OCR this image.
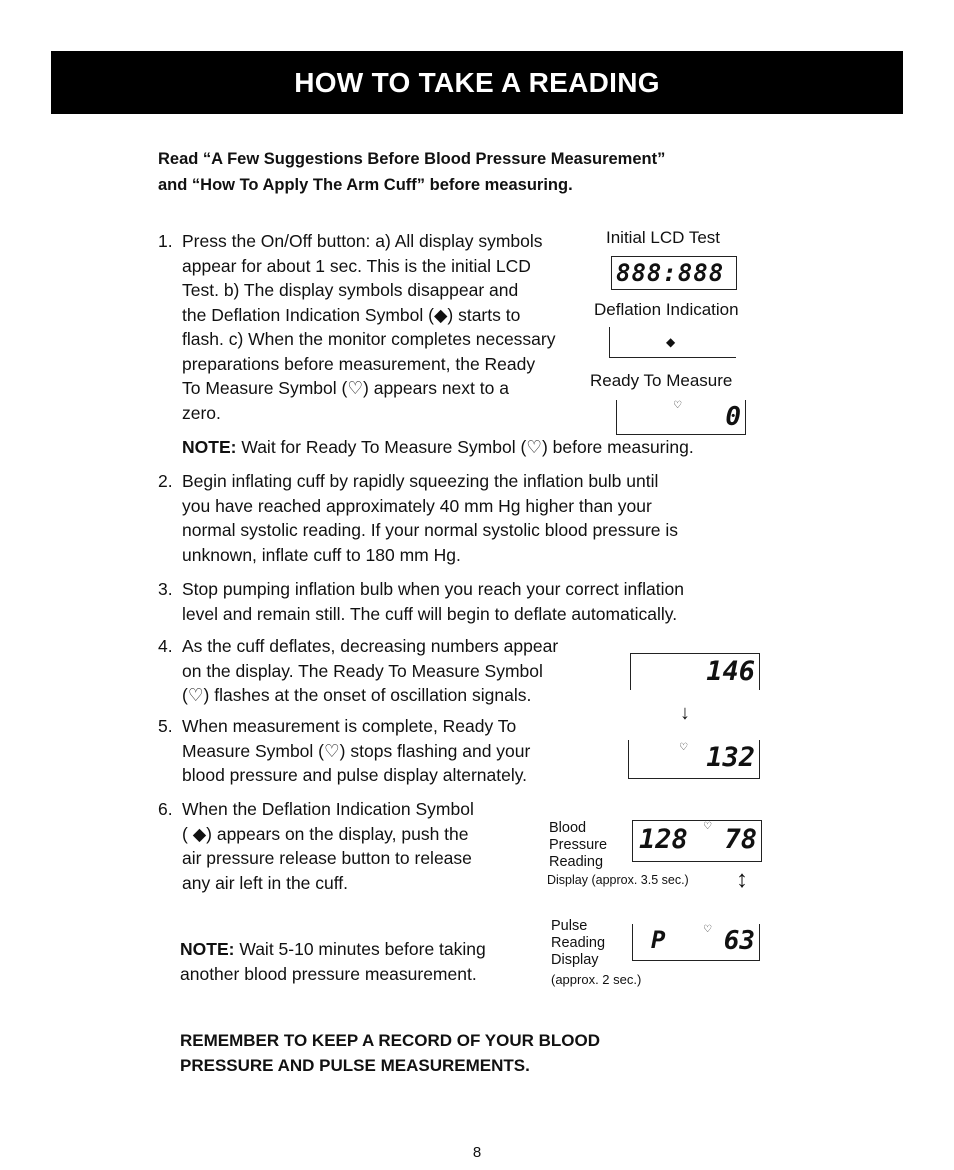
HOW TO TAKE A READING
Read “A Few Suggestions Before Blood Pressure Measurement”
and “How To Apply The Arm Cuff” before measuring.
1. Press the On/Off button: a) All display symbols
appear for about 1 sec. This is the initial LCD
Test. b) The display symbols disappear and
the Deflation Indication Symbol (◆) starts to
flash. c) When the monitor completes necessary
preparations before measurement, the Ready
To Measure Symbol (♡) appears next to a
zero.
Initial LCD Test
888:888
Deflation Indication
◆
Ready To Measure
♡ 0
NOTE: Wait for Ready To Measure Symbol (♡) before measuring.
2. Begin inflating cuff by rapidly squeezing the inflation bulb until
you have reached approximately 40 mm Hg higher than your
normal systolic reading. If your normal systolic blood pressure is
unknown, inflate cuff to 180 mm Hg.
3. Stop pumping inflation bulb when you reach your correct inflation
level and remain still. The cuff will begin to deflate automatically.
4. As the cuff deflates, decreasing numbers appear
on the display. The Ready To Measure Symbol
(♡) flashes at the onset of oscillation signals.
146
↓
5. When measurement is complete, Ready To
Measure Symbol (♡) stops flashing and your
blood pressure and pulse display alternately.
♡ 132
6. When the Deflation Indication Symbol
( ◆) appears on the display, push the
air pressure release button to release
any air left in the cuff.
Blood
Pressure
Reading
128 ♡ 78
Display (approx. 3.5 sec.) ↕
NOTE: Wait 5-10 minutes before taking
another blood pressure measurement.
Pulse
Reading
Display
P	♡ 63
(approx. 2 sec.)
REMEMBER TO KEEP A RECORD OF YOUR BLOOD
PRESSURE AND PULSE MEASUREMENTS.
8
